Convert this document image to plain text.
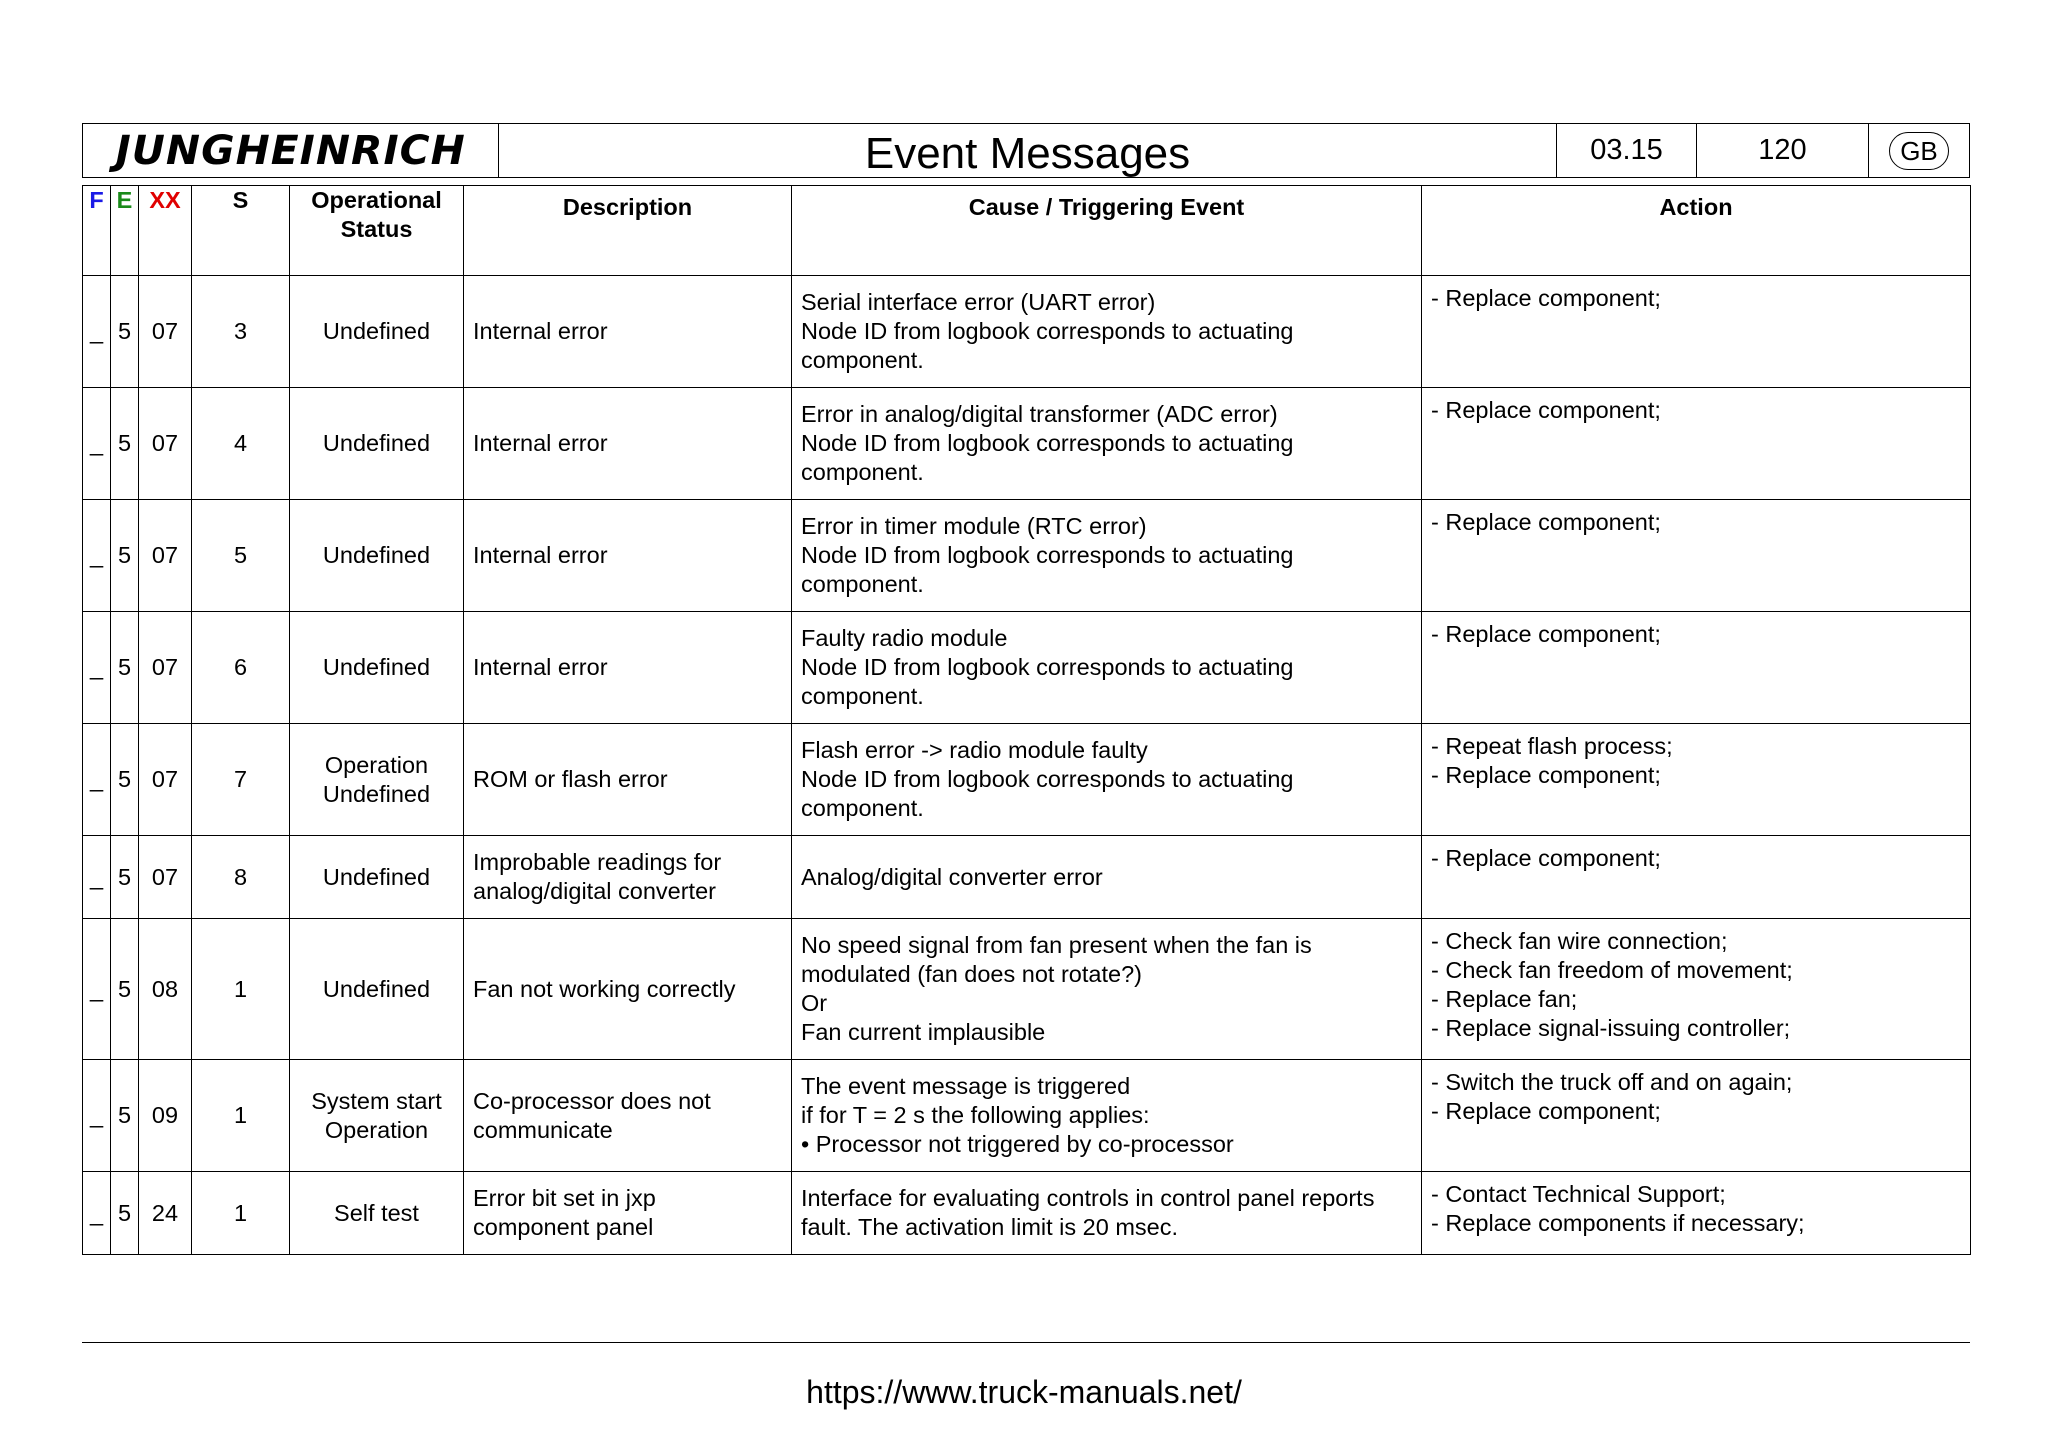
JUNGHEINRICH	Event Messages	03.15	120	GB
F	E	XX	S	Operational Status	Description	Cause / Triggering Event	Action
_	5	07	3	Undefined	Internal error	Serial interface error (UART error)
Node ID from logbook corresponds to actuating
component.	- Replace component;

_	5	07	4	Undefined	Internal error	Error in analog/digital transformer (ADC error)
Node ID from logbook corresponds to actuating
component.	- Replace component;

_	5	07	5	Undefined	Internal error	Error in timer module (RTC error)
Node ID from logbook corresponds to actuating
component.	- Replace component;

_	5	07	6	Undefined	Internal error	Faulty radio module
Node ID from logbook corresponds to actuating
component.	- Replace component;

_	5	07	7	Operation
Undefined	ROM or flash error	Flash error -> radio module faulty
Node ID from logbook corresponds to actuating
component.	- Repeat flash process;
- Replace component;

_	5	07	8	Undefined	Improbable readings for
analog/digital converter	Analog/digital converter error	- Replace component;

_	5	08	1	Undefined	Fan not working correctly	No speed signal from fan present when the fan is
modulated (fan does not rotate?)
Or
Fan current implausible	- Check fan wire connection;
- Check fan freedom of movement;
- Replace fan;
- Replace signal-issuing controller;

_	5	09	1	System start
Operation	Co-processor does not
communicate	The event message is triggered
if for T = 2 s the following applies:
• Processor not triggered by co-processor	- Switch the truck off and on again;
- Replace component;

_	5	24	1	Self test	Error bit set in jxp
component panel	Interface for evaluating controls in control panel reports
fault. The activation limit is 20 msec.	- Contact Technical Support;
- Replace components if necessary;
https://www.truck-manuals.net/
